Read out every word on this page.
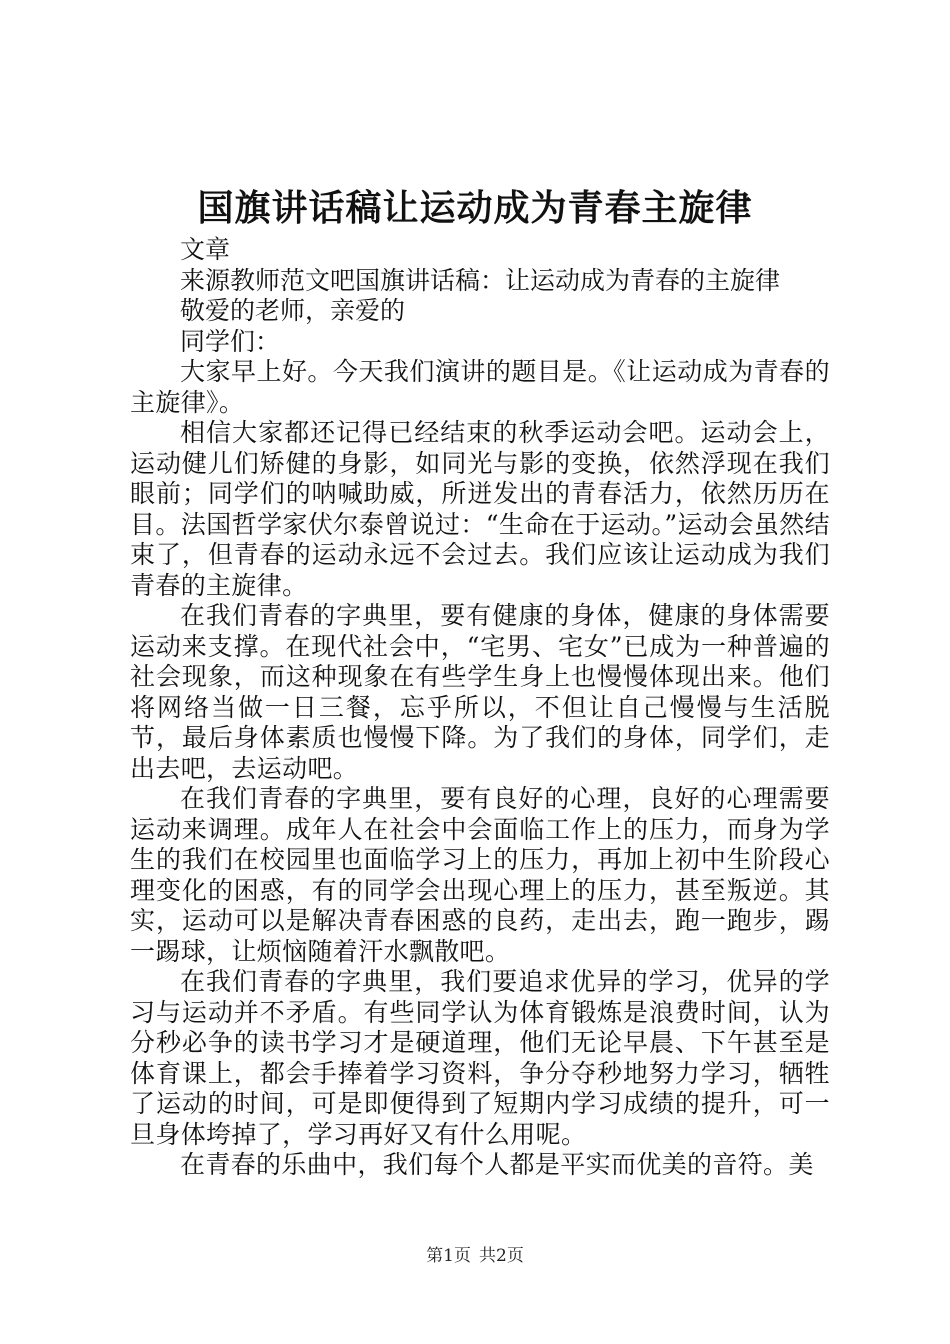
国旗讲话稿让运动成为青春主旋律

文章

来源教师范文吧国旗讲话稿：让运动成为青春的主旋律

敬爱的老师，亲爱的

同学们：

大家早上好。今天我们演讲的题目是。《让运动成为青春的主旋律》。

相信大家都还记得已经结束的秋季运动会吧。运动会上，运动健儿们矫健的身影，如同光与影的变换，依然浮现在我们眼前；同学们的呐喊助威，所迸发出的青春活力，依然历历在目。法国哲学家伏尔泰曾说过：“生命在于运动。”运动会虽然结束了，但青春的运动永远不会过去。我们应该让运动成为我们青春的主旋律。

在我们青春的字典里，要有健康的身体，健康的身体需要运动来支撑。在现代社会中，“宅男、宅女”已成为一种普遍的社会现象，而这种现象在有些学生身上也慢慢体现出来。他们将网络当做一日三餐，忘乎所以，不但让自己慢慢与生活脱节，最后身体素质也慢慢下降。为了我们的身体，同学们，走出去吧，去运动吧。

在我们青春的字典里，要有良好的心理，良好的心理需要运动来调理。成年人在社会中会面临工作上的压力，而身为学生的我们在校园里也面临学习上的压力，再加上初中生阶段心理变化的困惑，有的同学会出现心理上的压力，甚至叛逆。其实，运动可以是解决青春困惑的良药，走出去，跑一跑步，踢一踢球，让烦恼随着汗水飘散吧。

在我们青春的字典里，我们要追求优异的学习，优异的学习与运动并不矛盾。有些同学认为体育锻炼是浪费时间，认为分秒必争的读书学习才是硬道理，他们无论早晨、下午甚至是体育课上，都会手捧着学习资料，争分夺秒地努力学习，牺牲了运动的时间，可是即便得到了短期内学习成绩的提升，可一旦身体垮掉了，学习再好又有什么用呢。

在青春的乐曲中，我们每个人都是平实而优美的音符。美

第1页 共2页
